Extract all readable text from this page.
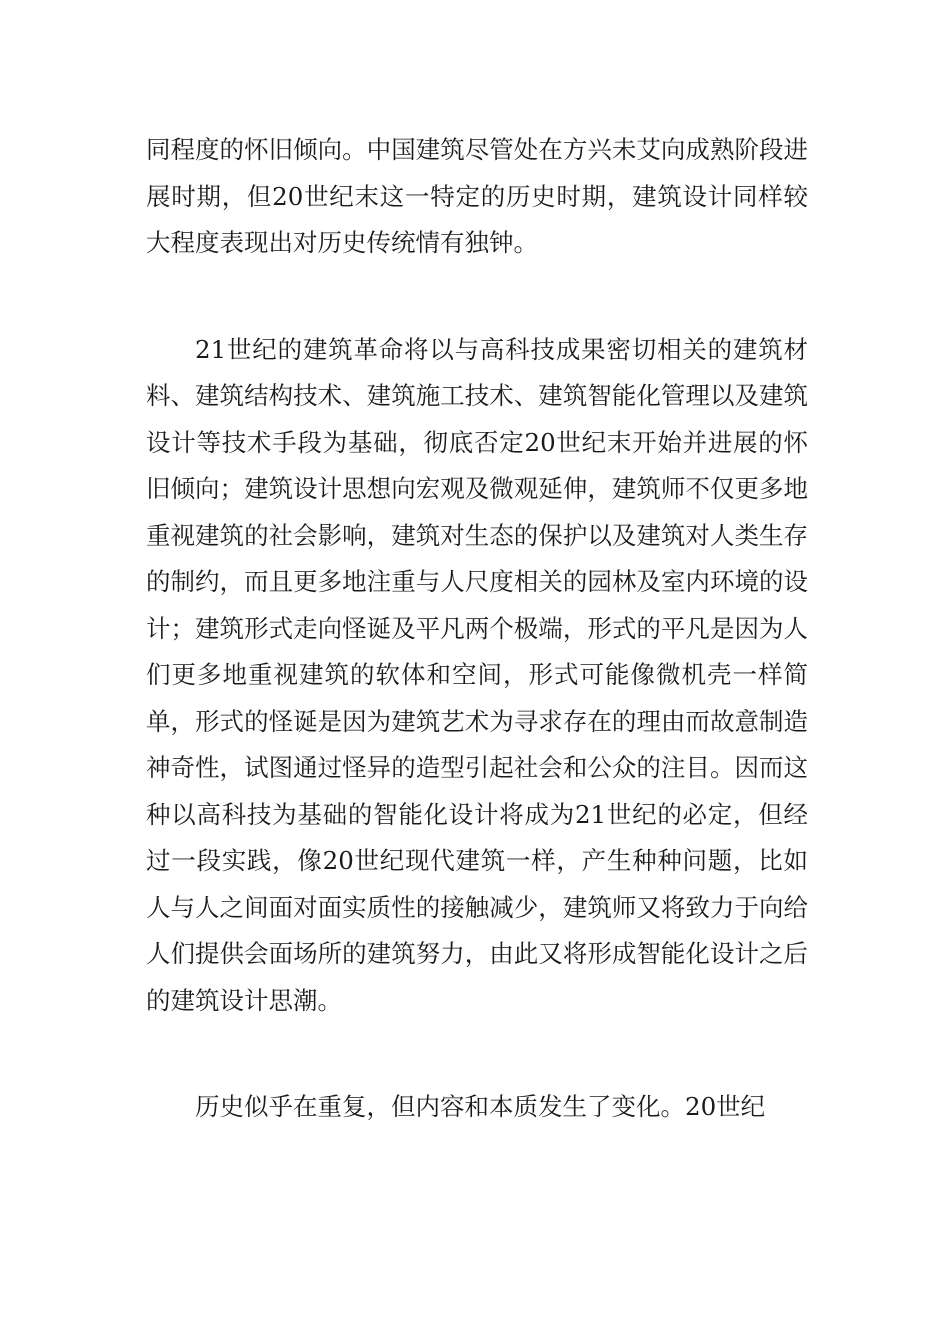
同程度的怀旧倾向。中国建筑尽管处在方兴未艾向成熟阶段进展时期，但20世纪末这一特定的历史时期，建筑设计同样较大程度表现出对历史传统情有独钟。

21世纪的建筑革命将以与高科技成果密切相关的建筑材料、建筑结构技术、建筑施工技术、建筑智能化管理以及建筑设计等技术手段为基础，彻底否定20世纪末开始并进展的怀旧倾向；建筑设计思想向宏观及微观延伸，建筑师不仅更多地重视建筑的社会影响，建筑对生态的保护以及建筑对人类生存的制约，而且更多地注重与人尺度相关的园林及室内环境的设计；建筑形式走向怪诞及平凡两个极端，形式的平凡是因为人们更多地重视建筑的软体和空间，形式可能像微机壳一样简单，形式的怪诞是因为建筑艺术为寻求存在的理由而故意制造神奇性，试图通过怪异的造型引起社会和公众的注目。因而这种以高科技为基础的智能化设计将成为21世纪的必定，但经过一段实践，像20世纪现代建筑一样，产生种种问题，比如人与人之间面对面实质性的接触减少，建筑师又将致力于向给人们提供会面场所的建筑努力，由此又将形成智能化设计之后的建筑设计思潮。

历史似乎在重复，但内容和本质发生了变化。20世纪
